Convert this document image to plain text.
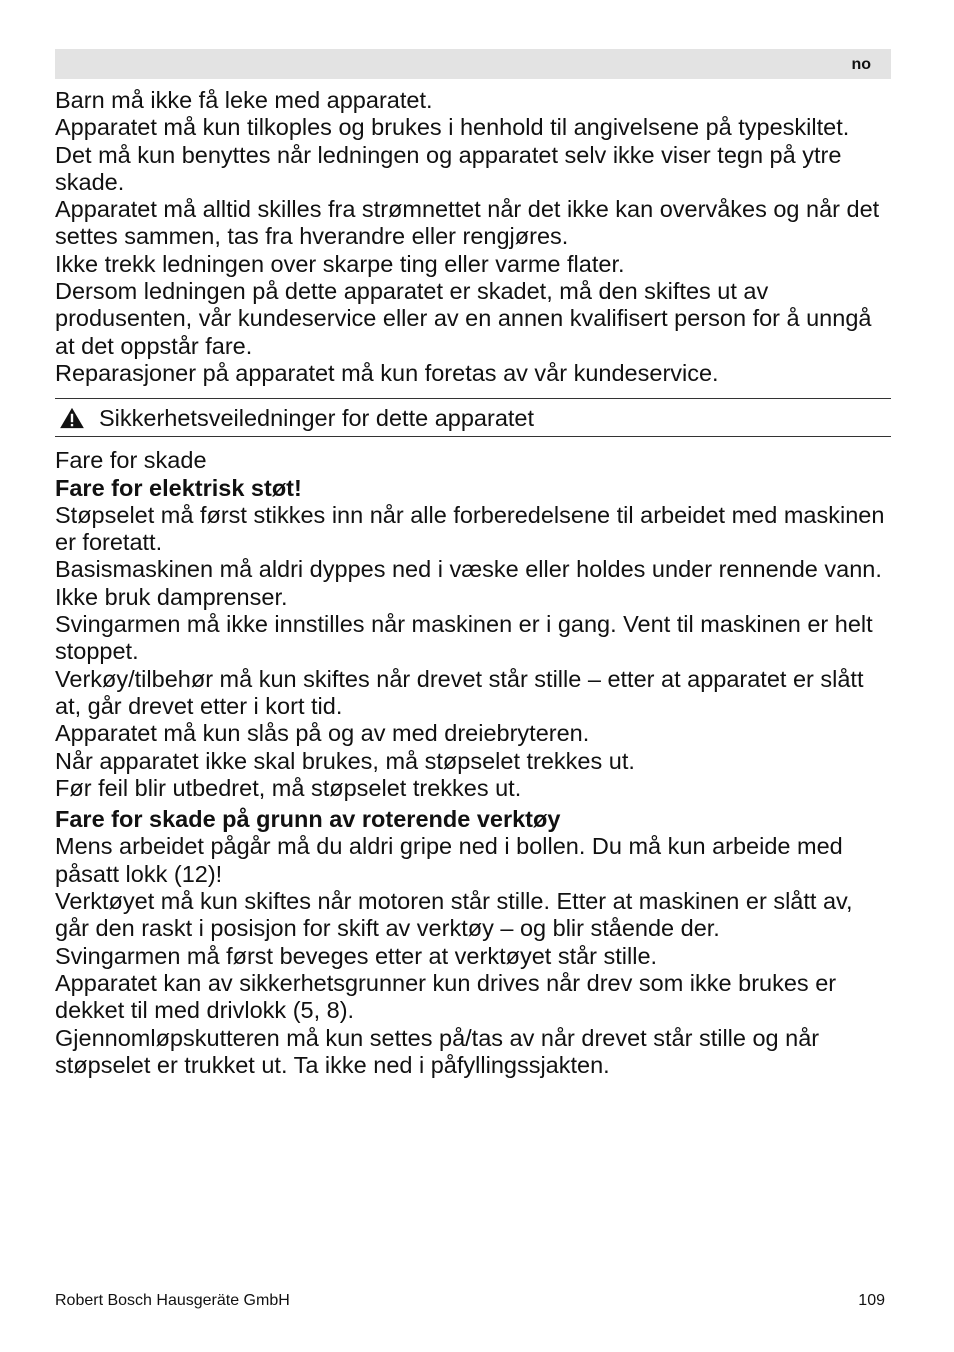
no

Barn må ikke få leke med apparatet.

Apparatet må kun tilkoples og brukes i henhold til angivelsene på typeskiltet. Det må kun benyttes når ledningen og apparatet selv ikke viser tegn på ytre skade.

Apparatet må alltid skilles fra strømnettet når det ikke kan overvåkes og når det settes sammen, tas fra hverandre eller rengjøres.

Ikke trekk ledningen over skarpe ting eller varme flater.

Dersom ledningen på dette apparatet er skadet, må den skiftes ut av produsenten, vår kundeservice eller av en annen kvalifisert person for å unngå at det oppstår fare.

Reparasjoner på apparatet må kun foretas av vår kundeservice.

Sikkerhetsveiledninger for dette apparatet

Fare for skade

Fare for elektrisk støt!

Støpselet må først stikkes inn når alle forberedelsene til arbeidet med maskinen er foretatt.

Basismaskinen må aldri dyppes ned i væske eller holdes under rennende vann.

Ikke bruk damprenser.

Svingarmen må ikke innstilles når maskinen er i gang. Vent til maskinen er helt stoppet.

Verkøy/tilbehør må kun skiftes når drevet står stille – etter at apparatet er slått at, går drevet etter i kort tid.

Apparatet må kun slås på og av med dreiebryteren.

Når apparatet ikke skal brukes, må støpselet trekkes ut.

Før feil blir utbedret, må støpselet trekkes ut.

Fare for skade på grunn av roterende verktøy

Mens arbeidet pågår må du aldri gripe ned i bollen. Du må kun arbeide med påsatt lokk (12)!

Verktøyet må kun skiftes når motoren står stille. Etter at maskinen er slått av, går den raskt i posisjon for skift av verktøy – og blir stående der.

Svingarmen må først beveges etter at verktøyet står stille.

Apparatet kan av sikkerhetsgrunner kun drives når drev som ikke brukes er dekket til med drivlokk (5, 8).

Gjennomløpskutteren må kun settes på/tas av når drevet står stille og når støpselet er trukket ut. Ta ikke ned i påfyllingssjakten.

Robert Bosch Hausgeräte GmbH	109
